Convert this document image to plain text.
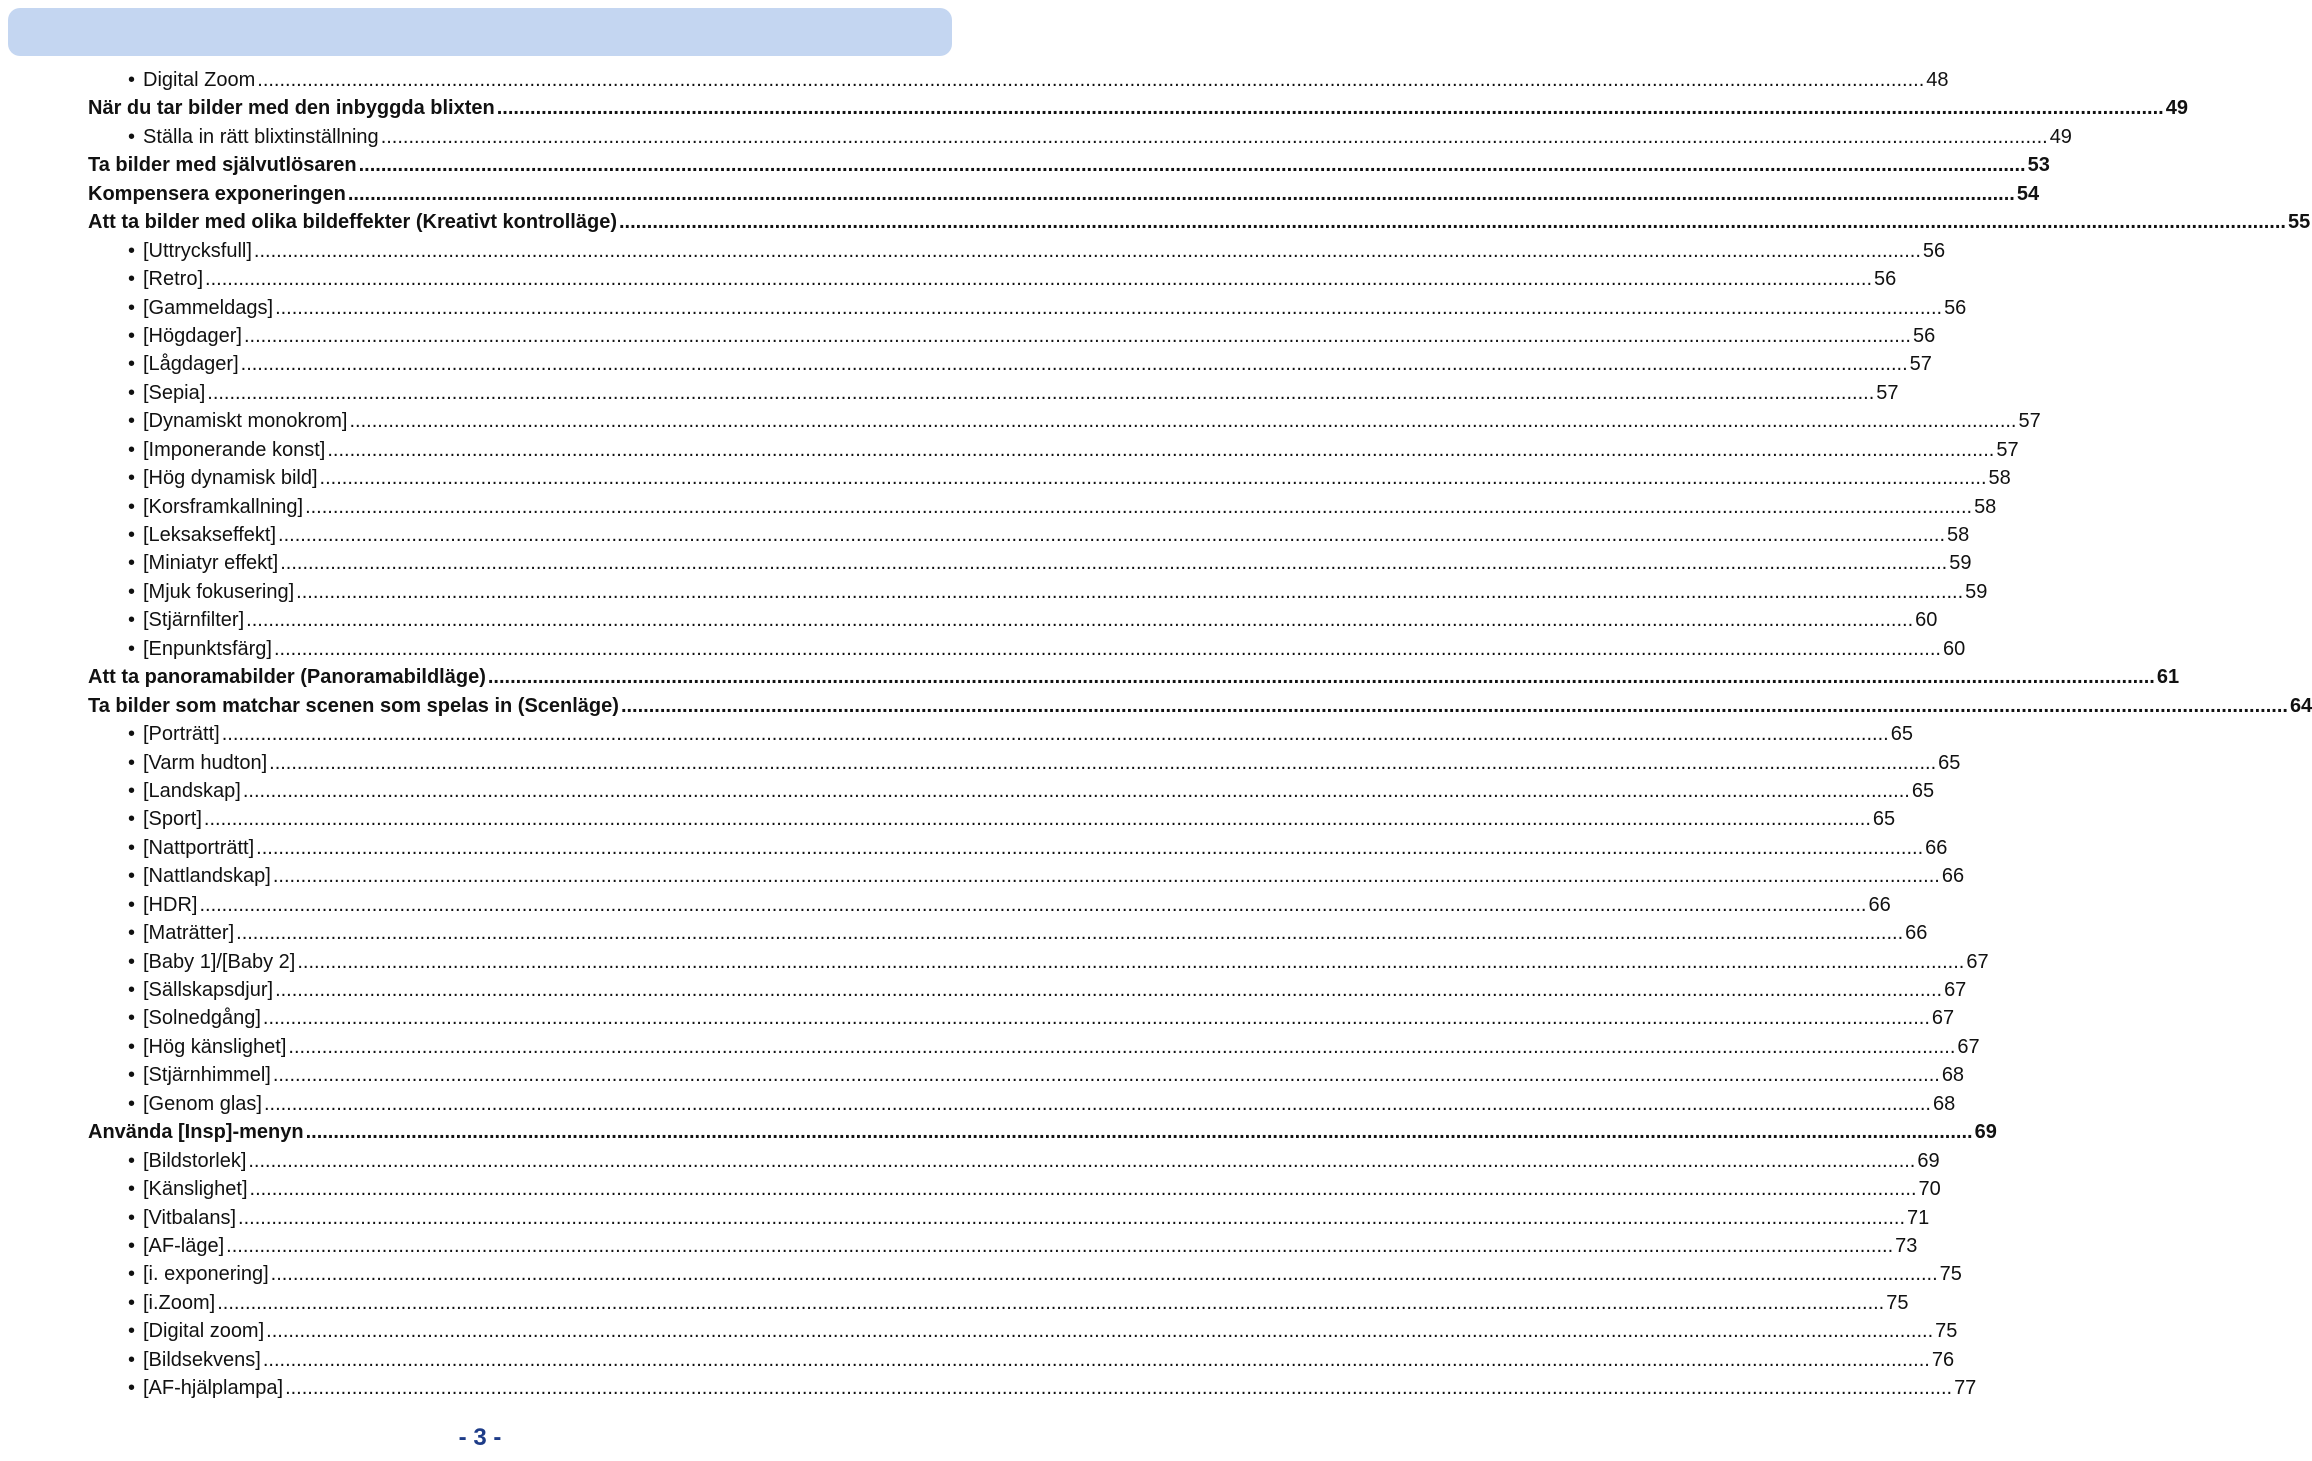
• Digital Zoom ............................................................................................................................................................................................................................................................................................................ 48
När du tar bilder med den inbyggda blixten ............................................................................................................................................................................................................................................................................................................ 49
• Ställa in rätt blixtinställning ............................................................................................................................................................................................................................................................................................................ 49
Ta bilder med självutlösaren ............................................................................................................................................................................................................................................................................................................ 53
Kompensera exponeringen ............................................................................................................................................................................................................................................................................................................ 54
Att ta bilder med olika bildeffekter (Kreativt kontrolläge) ............................................................................................................................................................................................................................................................................................................ 55
• [Uttrycksfull] ............................................................................................................................................................................................................................................................................................................ 56
• [Retro] ............................................................................................................................................................................................................................................................................................................ 56
• [Gammeldags] ............................................................................................................................................................................................................................................................................................................ 56
• [Högdager] ............................................................................................................................................................................................................................................................................................................ 56
• [Lågdager] ............................................................................................................................................................................................................................................................................................................ 57
• [Sepia] ............................................................................................................................................................................................................................................................................................................ 57
• [Dynamiskt monokrom] ............................................................................................................................................................................................................................................................................................................ 57
• [Imponerande konst] ............................................................................................................................................................................................................................................................................................................ 57
• [Hög dynamisk bild] ............................................................................................................................................................................................................................................................................................................ 58
• [Korsframkallning] ............................................................................................................................................................................................................................................................................................................ 58
• [Leksakseffekt] ............................................................................................................................................................................................................................................................................................................ 58
• [Miniatyr effekt] ............................................................................................................................................................................................................................................................................................................ 59
• [Mjuk fokusering] ............................................................................................................................................................................................................................................................................................................ 59
• [Stjärnfilter] ............................................................................................................................................................................................................................................................................................................ 60
• [Enpunktsfärg] ............................................................................................................................................................................................................................................................................................................ 60
Att ta panoramabilder (Panoramabildläge) ............................................................................................................................................................................................................................................................................................................ 61
Ta bilder som matchar scenen som spelas in (Scenläge) ............................................................................................................................................................................................................................................................................................................ 64
• [Porträtt] ............................................................................................................................................................................................................................................................................................................ 65
• [Varm hudton] ............................................................................................................................................................................................................................................................................................................ 65
• [Landskap] ............................................................................................................................................................................................................................................................................................................ 65
• [Sport] ............................................................................................................................................................................................................................................................................................................ 65
• [Nattporträtt] ............................................................................................................................................................................................................................................................................................................ 66
• [Nattlandskap] ............................................................................................................................................................................................................................................................................................................ 66
• [HDR] ............................................................................................................................................................................................................................................................................................................ 66
• [Maträtter] ............................................................................................................................................................................................................................................................................................................ 66
• [Baby 1]/[Baby 2] ............................................................................................................................................................................................................................................................................................................ 67
• [Sällskapsdjur] ............................................................................................................................................................................................................................................................................................................ 67
• [Solnedgång] ............................................................................................................................................................................................................................................................................................................ 67
• [Hög känslighet] ............................................................................................................................................................................................................................................................................................................ 67
• [Stjärnhimmel] ............................................................................................................................................................................................................................................................................................................ 68
• [Genom glas] ............................................................................................................................................................................................................................................................................................................ 68
Använda [Insp]-menyn ............................................................................................................................................................................................................................................................................................................ 69
• [Bildstorlek] ............................................................................................................................................................................................................................................................................................................ 69
• [Känslighet] ............................................................................................................................................................................................................................................................................................................ 70
• [Vitbalans] ............................................................................................................................................................................................................................................................................................................ 71
• [AF-läge] ............................................................................................................................................................................................................................................................................................................ 73
• [i. exponering] ............................................................................................................................................................................................................................................................................................................ 75
• [i.Zoom] ............................................................................................................................................................................................................................................................................................................ 75
• [Digital zoom] ............................................................................................................................................................................................................................................................................................................ 75
• [Bildsekvens] ............................................................................................................................................................................................................................................................................................................ 76
• [AF-hjälplampa] ............................................................................................................................................................................................................................................................................................................ 77
- 3 -
